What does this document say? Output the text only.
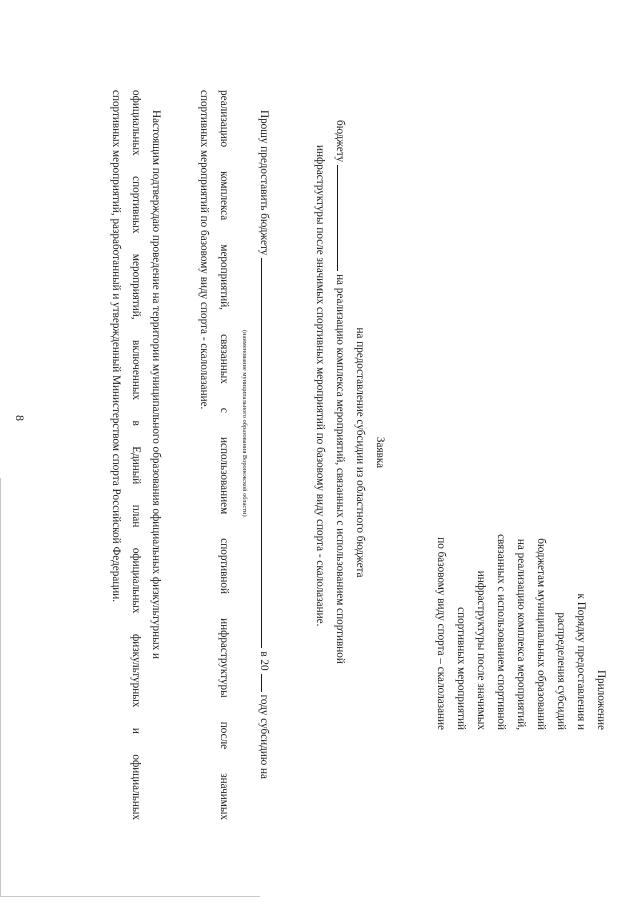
8
Приложение
к Порядку предоставления и
распределения субсидий
бюджетам муниципальных образований
на реализацию комплекса мероприятий,
связанных с использованием спортивной
инфраструктуры после значимых
спортивных мероприятий
по базовому виду спорта – скалолазание
Заявка
на предоставление субсидии из областного бюджета
бюджетуна реализацию комплекса мероприятий, связанных с использованием спортивной
инфраструктуры после значимых спортивных мероприятий по базовому виду спорта - скалолазание.
Прошу предоставить бюджетув 20году субсидию на
(наименование муниципального образования Воронежской области)
реализацию комплекса мероприятий, связанных с использованием спортивной инфраструктуры после значимых
спортивных мероприятий по базовому виду спорта - скалолазание.
Настоящим подтверждаю проведение на территории муниципального образования официальных физкультурных и
официальных спортивных мероприятий, включенных в Единый план официальных физкультурных и официальных
спортивных мероприятий, разработанный и утвержденный Министерством спорта Российской Федерации.
